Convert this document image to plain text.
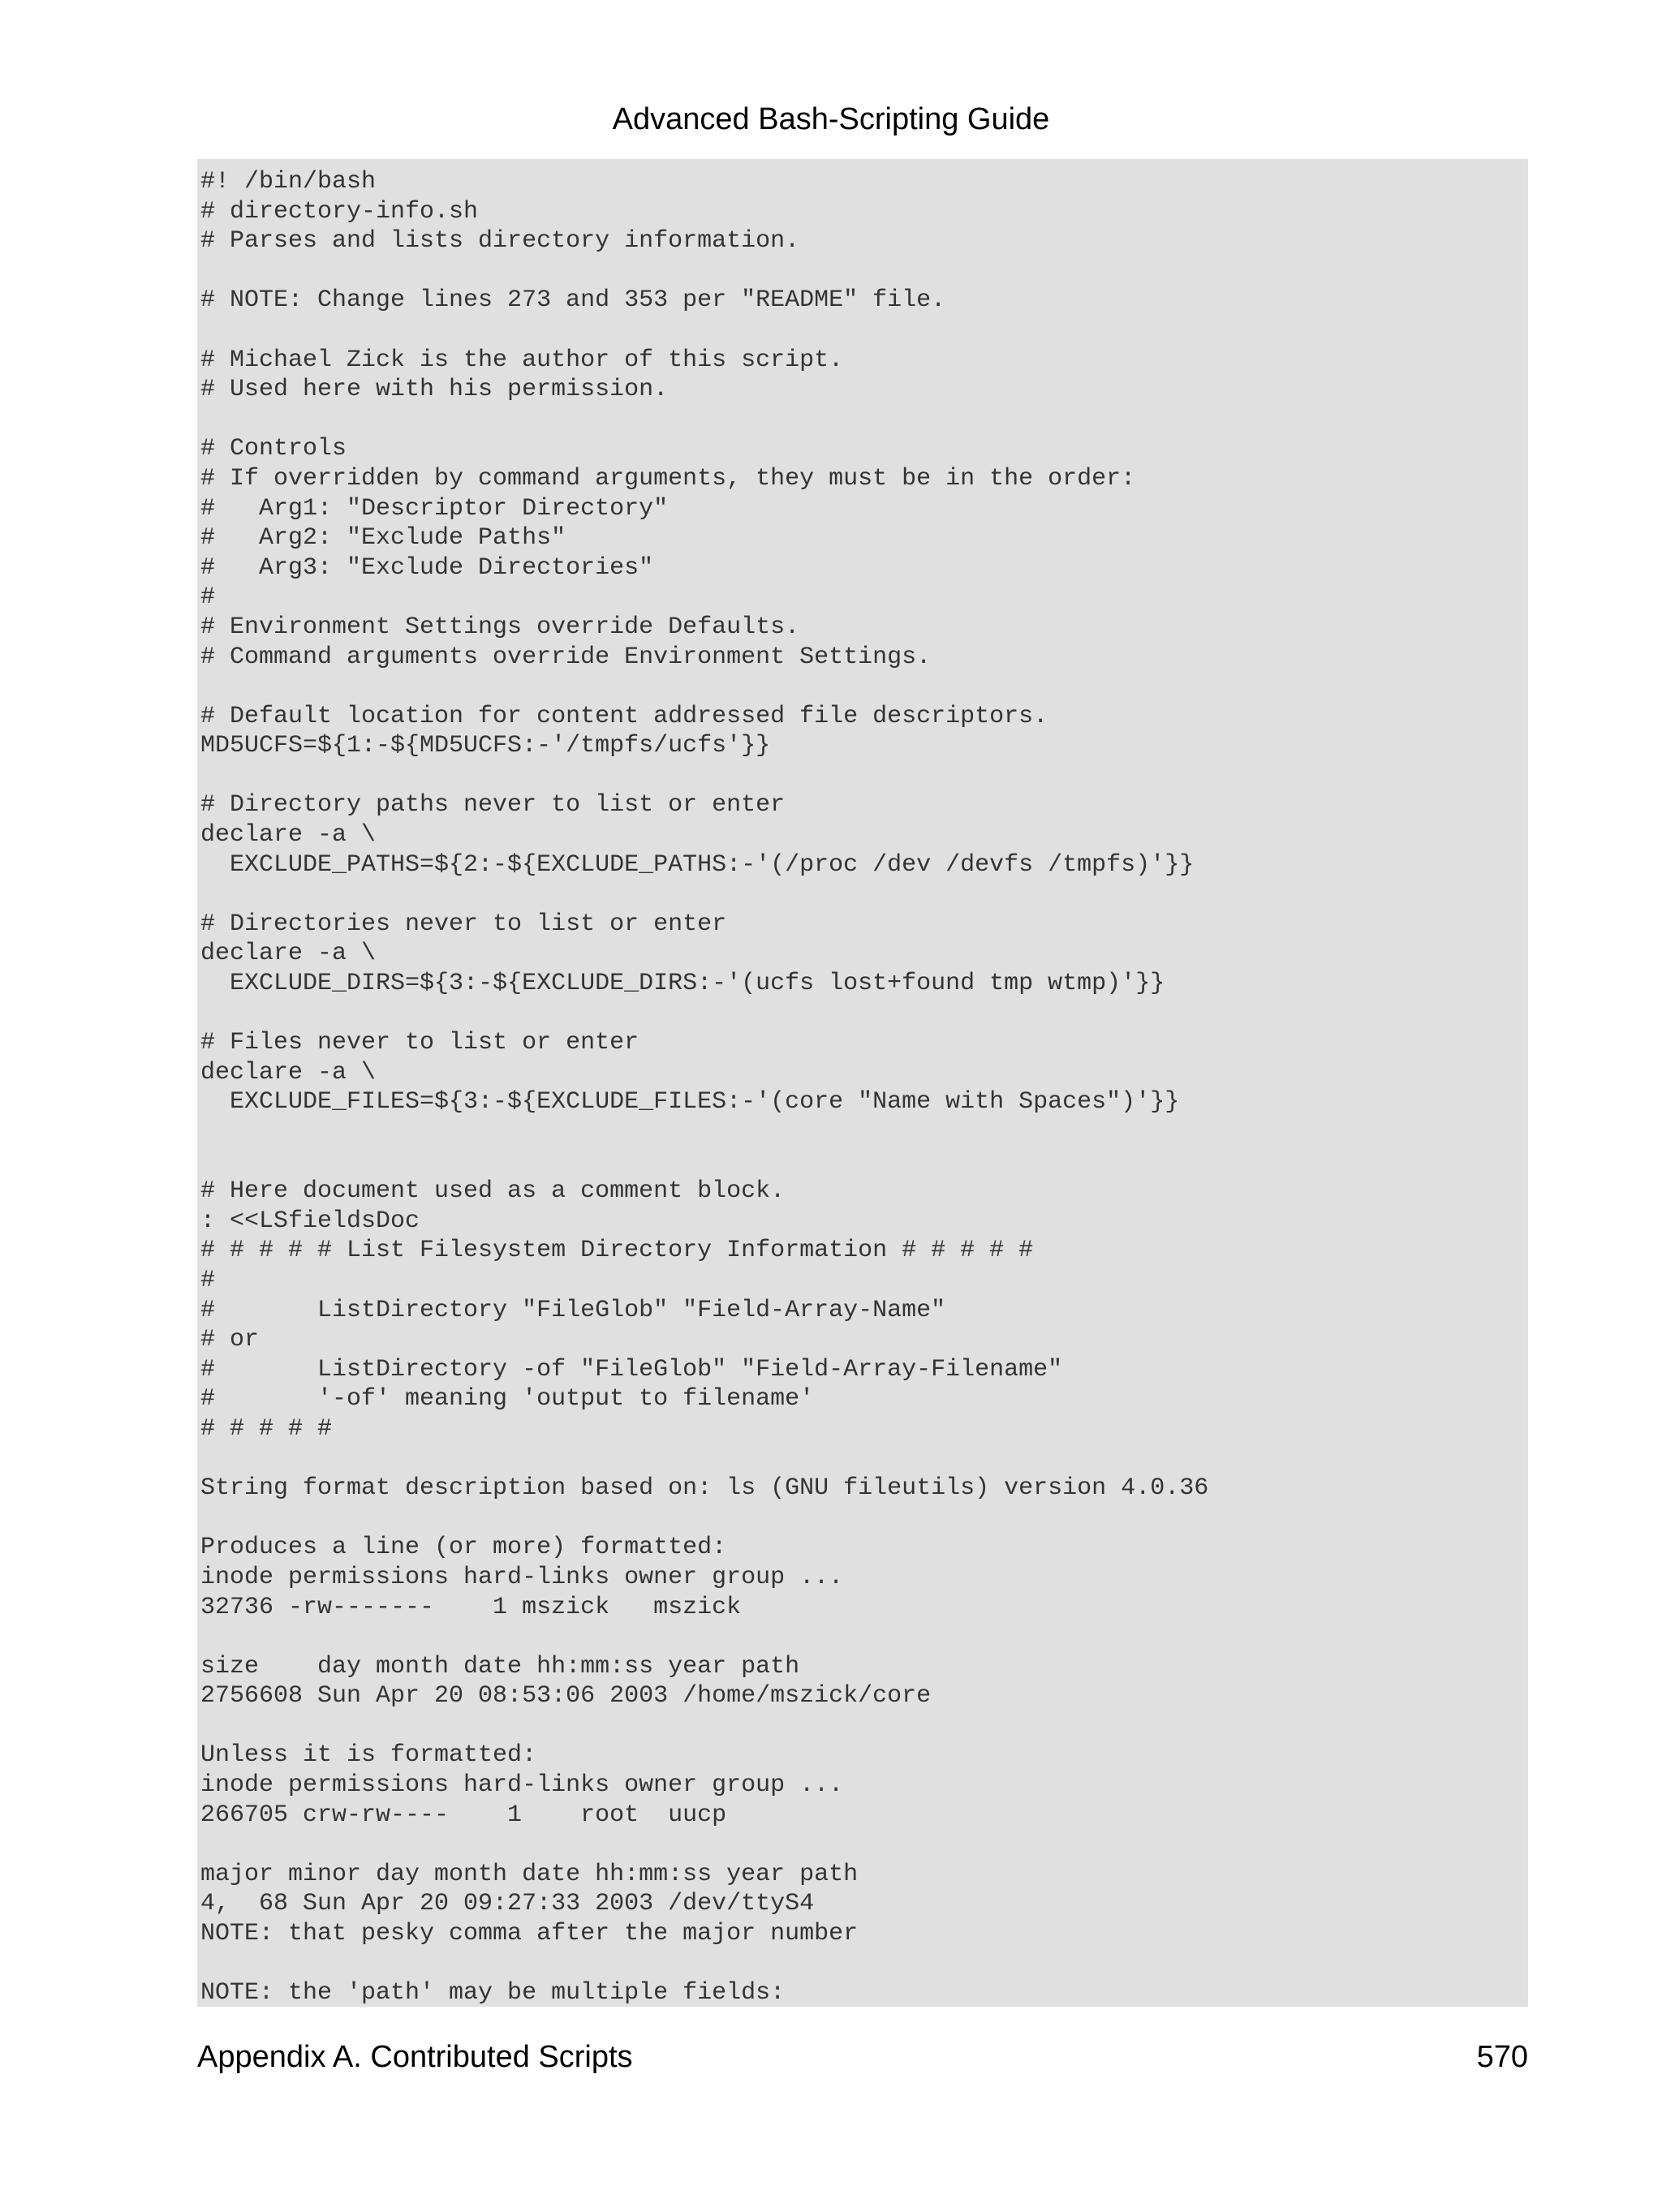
Advanced Bash-Scripting Guide
#! /bin/bash
# directory-info.sh
# Parses and lists directory information.
# NOTE: Change lines 273 and 353 per "README" file.
# Michael Zick is the author of this script.
# Used here with his permission.
# Controls
# If overridden by command arguments, they must be in the order:
#   Arg1: "Descriptor Directory"
#   Arg2: "Exclude Paths"
#   Arg3: "Exclude Directories"
#
# Environment Settings override Defaults.
# Command arguments override Environment Settings.
# Default location for content addressed file descriptors.
MD5UCFS=${1:-${MD5UCFS:-'/tmpfs/ucfs'}}
# Directory paths never to list or enter
declare -a \
EXCLUDE_PATHS=${2:-${EXCLUDE_PATHS:-'(/proc /dev /devfs /tmpfs)'}}
# Directories never to list or enter
declare -a \
EXCLUDE_DIRS=${3:-${EXCLUDE_DIRS:-'(ucfs lost+found tmp wtmp)'}}
# Files never to list or enter
declare -a \
EXCLUDE_FILES=${3:-${EXCLUDE_FILES:-'(core "Name with Spaces")'}}
# Here document used as a comment block.
: <<LSfieldsDoc
# # # # # List Filesystem Directory Information # # # # #
#
#       ListDirectory "FileGlob" "Field-Array-Name"
# or
#       ListDirectory -of "FileGlob" "Field-Array-Filename"
#       '-of' meaning 'output to filename'
# # # # #
String format description based on: ls (GNU fileutils) version 4.0.36
Produces a line (or more) formatted:
inode permissions hard-links owner group ...
32736 -rw-------    1 mszick   mszick
size    day month date hh:mm:ss year path
2756608 Sun Apr 20 08:53:06 2003 /home/mszick/core
Unless it is formatted:
inode permissions hard-links owner group ...
266705 crw-rw----    1    root  uucp
major minor day month date hh:mm:ss year path
4,  68 Sun Apr 20 09:27:33 2003 /dev/ttyS4
NOTE: that pesky comma after the major number
NOTE: the 'path' may be multiple fields:
Appendix A. Contributed Scripts	570
